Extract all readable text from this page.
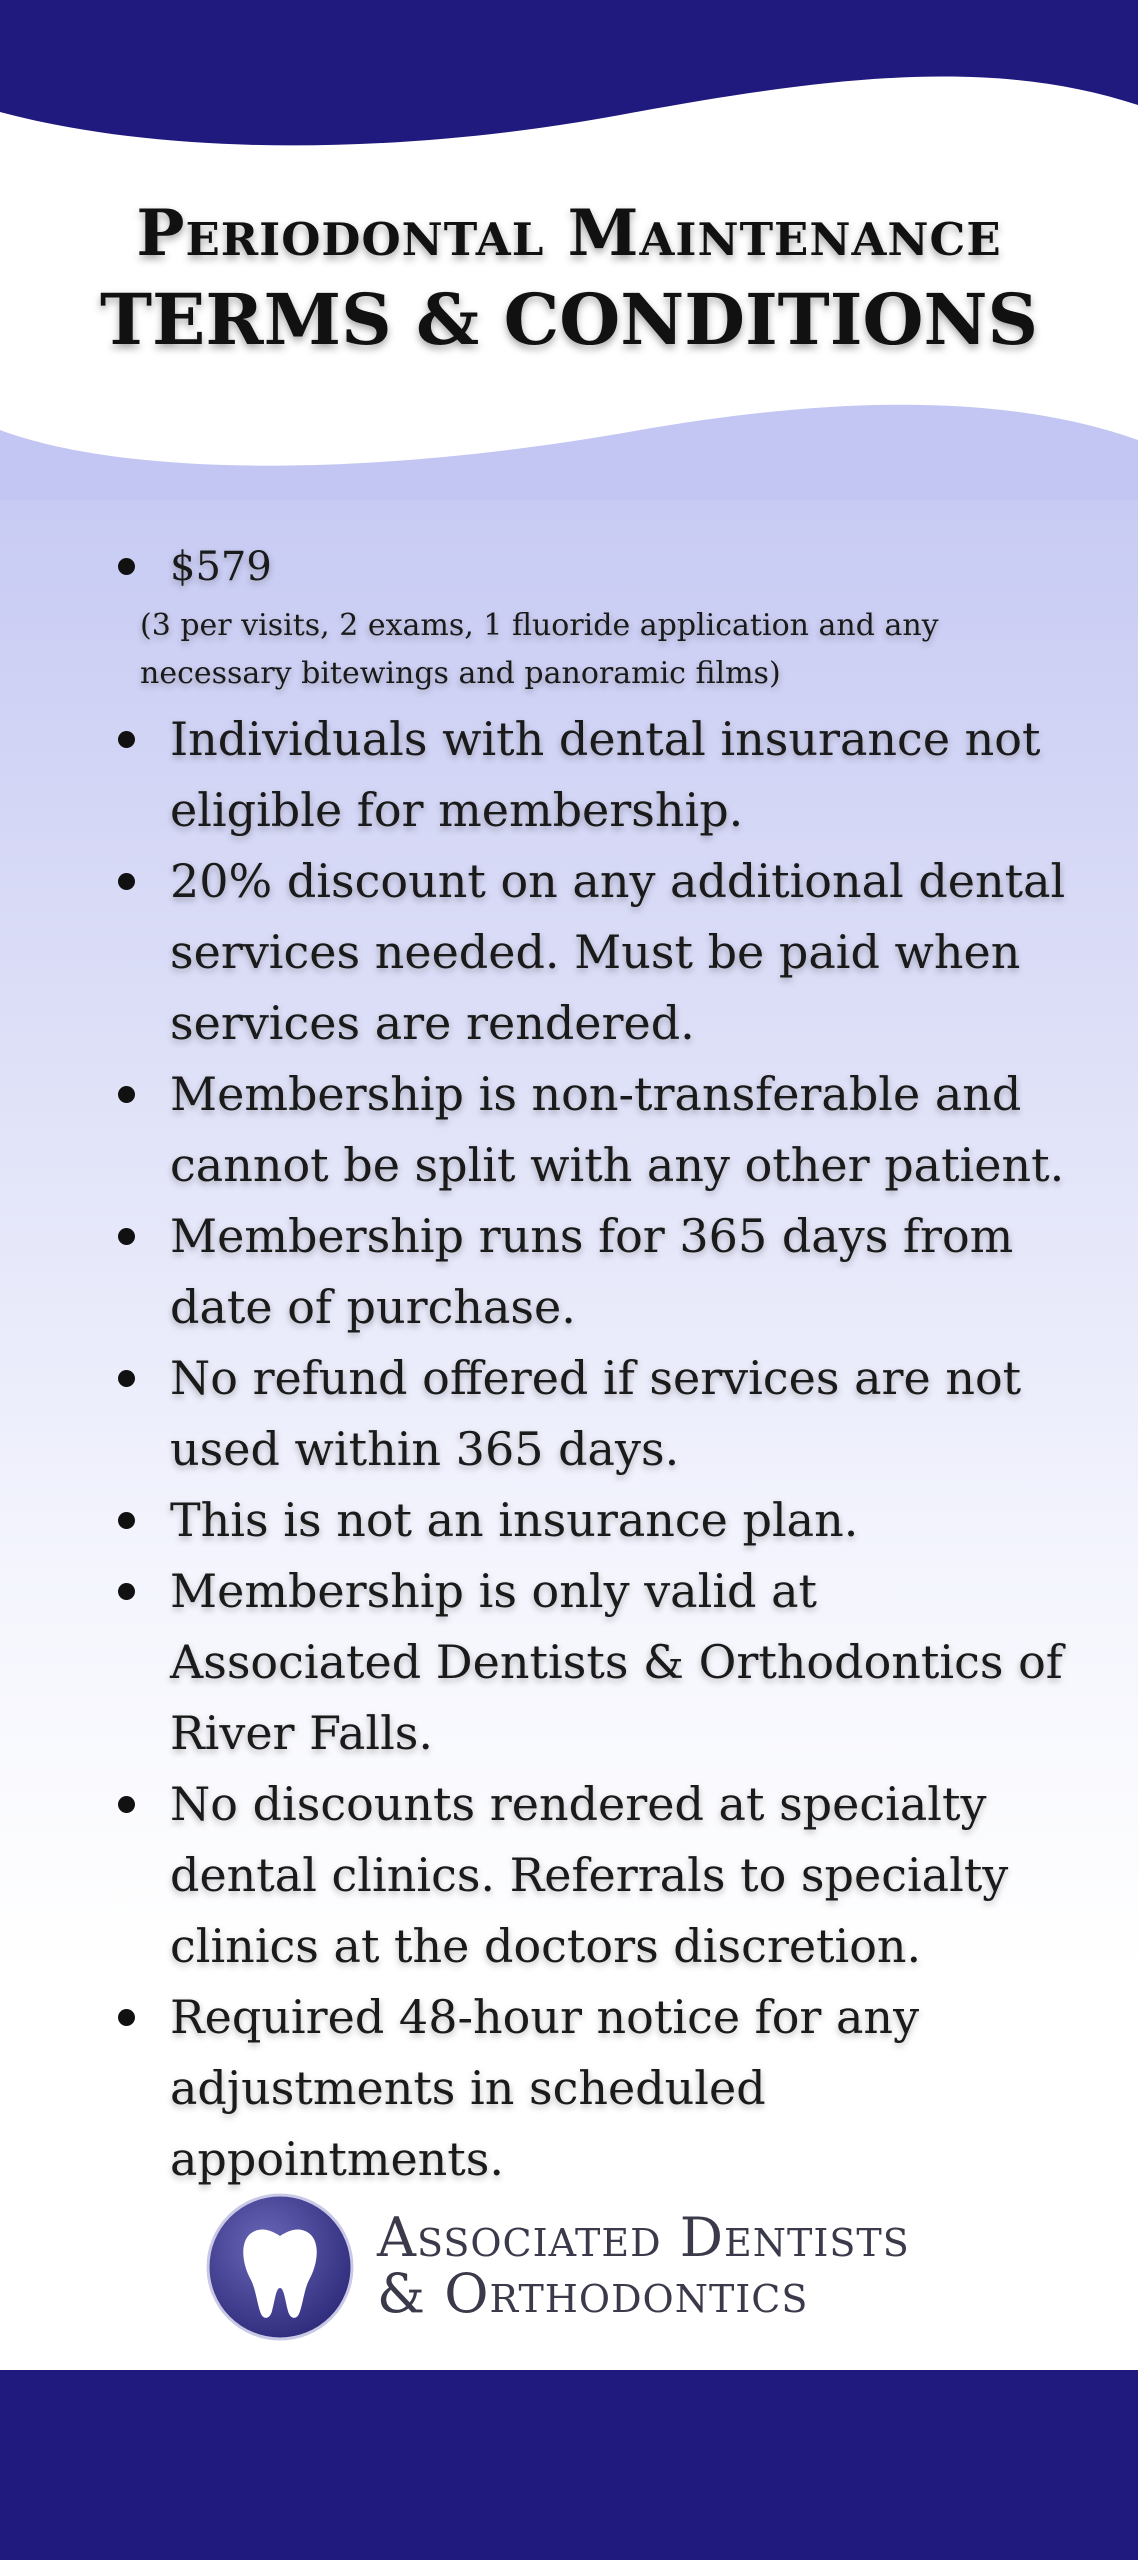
Periodontal Maintenance
TERMS & CONDITIONS
$579
(3 per visits, 2 exams, 1 fluoride application and any necessary bitewings and panoramic films)
Individuals with dental insurance not eligible for membership.
20% discount on any additional dental services needed. Must be paid when services are rendered.
Membership is non-transferable and cannot be split with any other patient.
Membership runs for 365 days from date of purchase.
No refund offered if services are not used within 365 days.
This is not an insurance plan.
Membership is only valid at Associated Dentists & Orthodontics of River Falls.
No discounts rendered at specialty dental clinics. Referrals to specialty clinics at the doctors discretion.
Required 48-hour notice for any adjustments in scheduled appointments.
Associated Dentists
& Orthodontics
